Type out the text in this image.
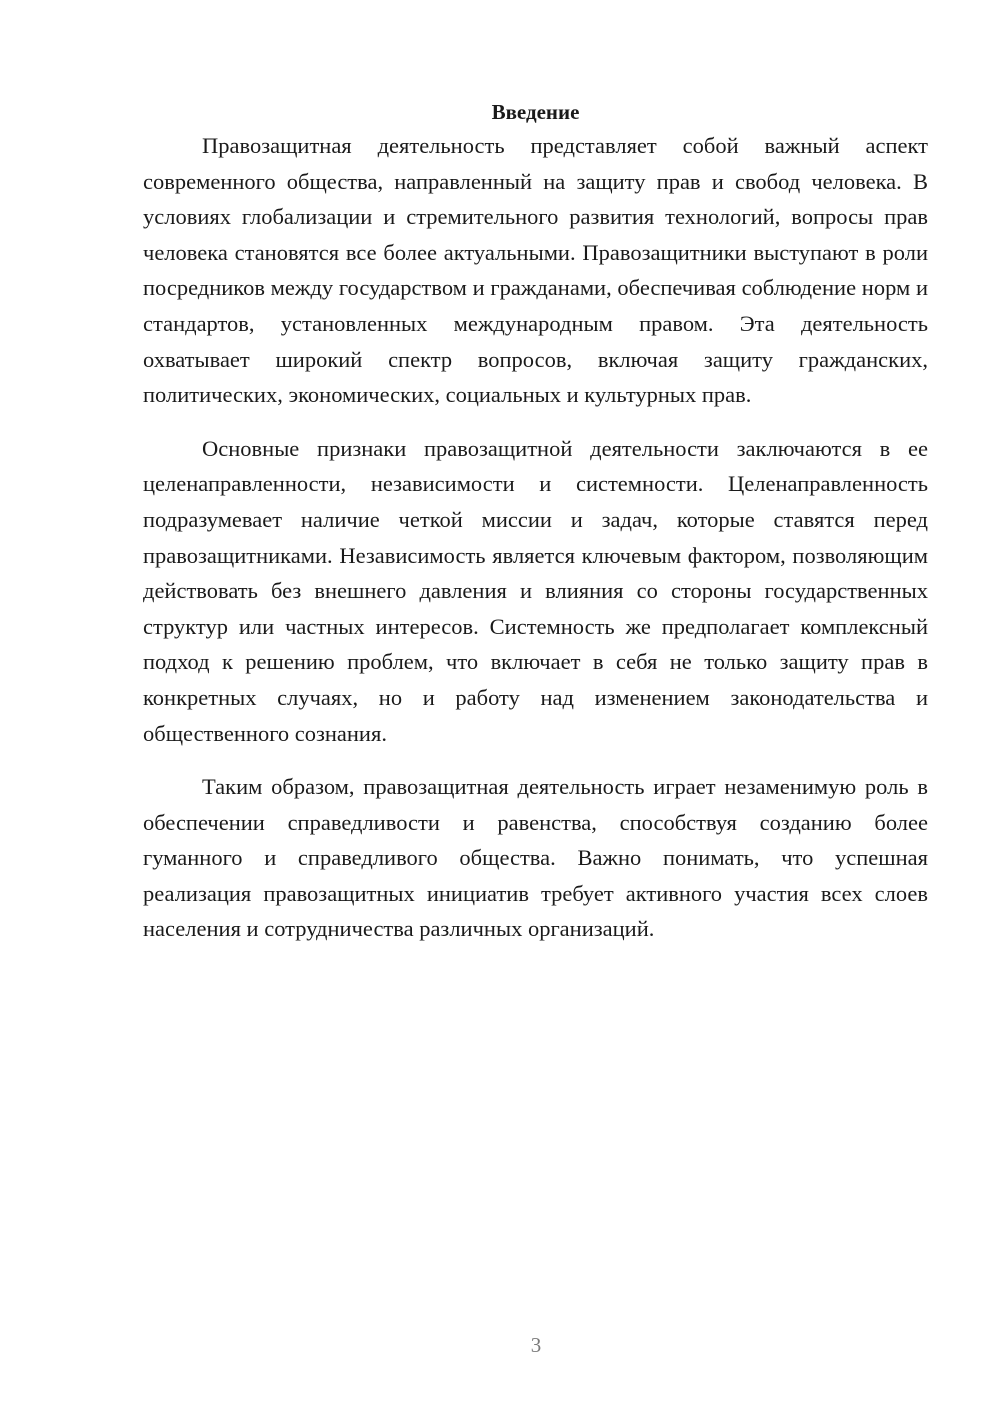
Введение

Правозащитная деятельность представляет собой важный аспект современного общества, направленный на защиту прав и свобод человека. В условиях глобализации и стремительного развития технологий, вопросы прав человека становятся все более актуальными. Правозащитники выступают в роли посредников между государством и гражданами, обеспечивая соблюдение норм и стандартов, установленных международным правом. Эта деятельность охватывает широкий спектр вопросов, включая защиту гражданских, политических, экономических, социальных и культурных прав.

Основные признаки правозащитной деятельности заключаются в ее целенаправленности, независимости и системности. Целенаправленность подразумевает наличие четкой миссии и задач, которые ставятся перед правозащитниками. Независимость является ключевым фактором, позволяющим действовать без внешнего давления и влияния со стороны государственных структур или частных интересов. Системность же предполагает комплексный подход к решению проблем, что включает в себя не только защиту прав в конкретных случаях, но и работу над изменением законодательства и общественного сознания.

Таким образом, правозащитная деятельность играет незаменимую роль в обеспечении справедливости и равенства, способствуя созданию более гуманного и справедливого общества. Важно понимать, что успешная реализация правозащитных инициатив требует активного участия всех слоев населения и сотрудничества различных организаций.

3
